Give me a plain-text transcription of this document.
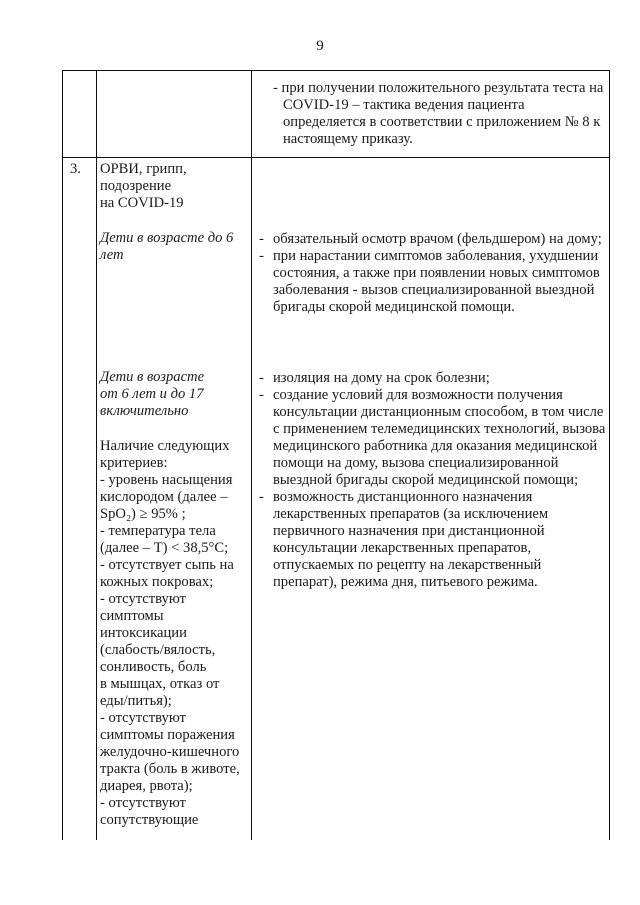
9
- при получении положительного результата теста на COVID-19 – тактика ведения пациента определяется в соответствии с приложением № 8 к настоящему приказу.
3. ОРВИ, грипп,

подозрение

на COVID-19

Дети в возрасте до 6

лет

- обязательный осмотр врачом (фельдшером) на дому;
- при нарастании симптомов заболевания, ухудшении состояния, а также при появлении новых симптомов заболевания - вызов специализированной выездной бригады скорой медицинской помощи.

Дети в возрасте

от 6 лет и до 17

включительно

- изоляция на дому на срок болезни;
- создание условий для возможности получения консультации дистанционным способом, в том числе с применением телемедицинских технологий, вызова медицинского работника для оказания медицинской помощи на дому, вызова специализированной выездной бригады скорой медицинской помощи;
- возможность дистанционного назначения лекарственных препаратов (за исключением первичного назначения при дистанционной консультации лекарственных препаратов, отпускаемых по рецепту на лекарственный препарат), режима дня, питьевого режима.

Наличие следующих

критериев:

- уровень насыщения

кислородом (далее –

SpO₂) ≥ 95% ;

- температура тела

(далее – Т) < 38,5°С;

- отсутствует сыпь на

кожных покровах;

- отсутствуют

симптомы

интоксикации

(слабость/вялость,

сонливость, боль

в мышцах, отказ от

еды/питья);

- отсутствуют

симптомы поражения

желудочно-кишечного

тракта (боль в животе,

диарея, рвота);

- отсутствуют

сопутствующие
